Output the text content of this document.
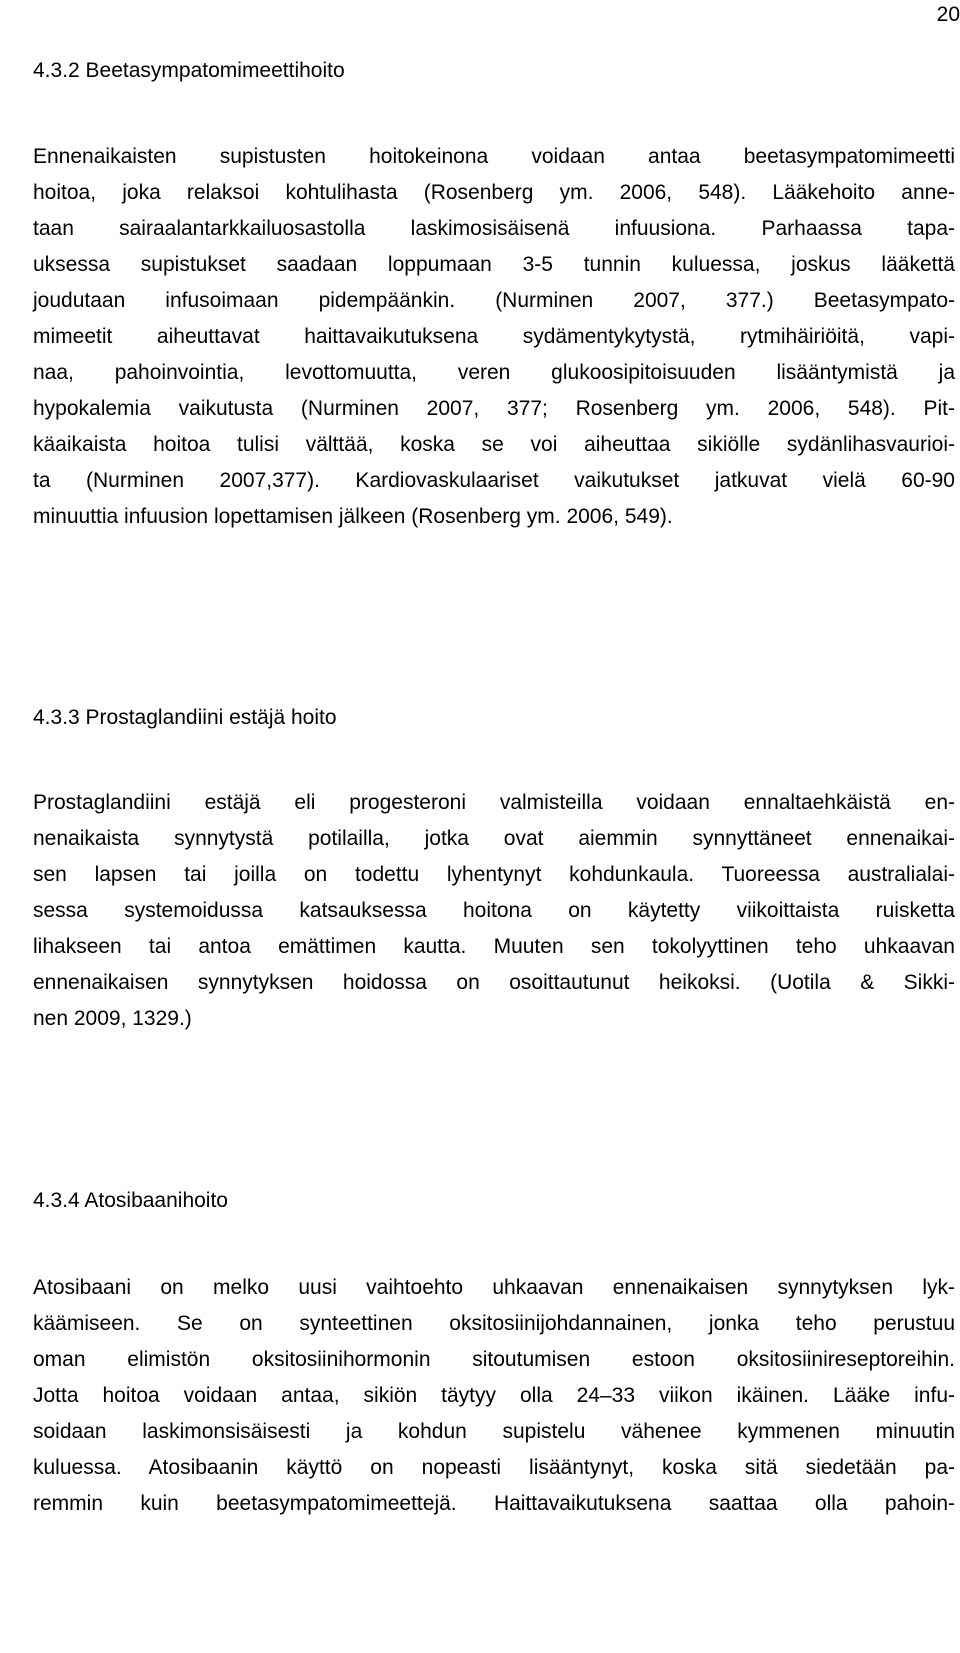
20
4.3.2 Beetasympatomimeettihoito
Ennenaikaisten supistusten hoitokeinona voidaan antaa beetasympatomimeetti
hoitoa, joka relaksoi kohtulihasta (Rosenberg ym. 2006, 548). Lääkehoito anne-
taan sairaalantarkkailuosastolla laskimosisäisenä infuusiona. Parhaassa tapa-
uksessa supistukset saadaan loppumaan 3-5 tunnin kuluessa, joskus lääkettä
joudutaan infusoimaan pidempäänkin. (Nurminen 2007, 377.) Beetasympato-
mimeetit aiheuttavat haittavaikutuksena sydämentykytystä, rytmihäiriöitä, vapi-
naa, pahoinvointia, levottomuutta, veren glukoosipitoisuuden lisääntymistä ja
hypokalemia vaikutusta (Nurminen 2007, 377; Rosenberg ym. 2006, 548). Pit-
käaikaista hoitoa tulisi välttää, koska se voi aiheuttaa sikiölle sydänlihasvaurioi-
ta (Nurminen 2007,377). Kardiovaskulaariset vaikutukset jatkuvat vielä 60-90
minuuttia infuusion lopettamisen jälkeen (Rosenberg ym. 2006, 549).
4.3.3 Prostaglandiini estäjä hoito
Prostaglandiini estäjä eli progesteroni valmisteilla voidaan ennaltaehkäistä en-
nenaikaista synnytystä potilailla, jotka ovat aiemmin synnyttäneet ennenaikai-
sen lapsen tai joilla on todettu lyhentynyt kohdunkaula. Tuoreessa australialai-
sessa systemoidussa katsauksessa hoitona on käytetty viikoittaista ruisketta
lihakseen tai antoa emättimen kautta. Muuten sen tokolyyttinen teho uhkaavan
ennenaikaisen synnytyksen hoidossa on osoittautunut heikoksi. (Uotila & Sikki-
nen 2009, 1329.)
4.3.4 Atosibaanihoito
Atosibaani on melko uusi vaihtoehto uhkaavan ennenaikaisen synnytyksen lyk-
käämiseen. Se on synteettinen oksitosiinijohdannainen, jonka teho perustuu
oman elimistön oksitosiinihormonin sitoutumisen estoon oksitosiinireseptoreihin.
Jotta hoitoa voidaan antaa, sikiön täytyy olla 24–33 viikon ikäinen. Lääke infu-
soidaan laskimonsisäisesti ja kohdun supistelu vähenee kymmenen minuutin
kuluessa. Atosibaanin käyttö on nopeasti lisääntynyt, koska sitä siedetään pa-
remmin kuin beetasympatomimeettejä. Haittavaikutuksena saattaa olla pahoin-
